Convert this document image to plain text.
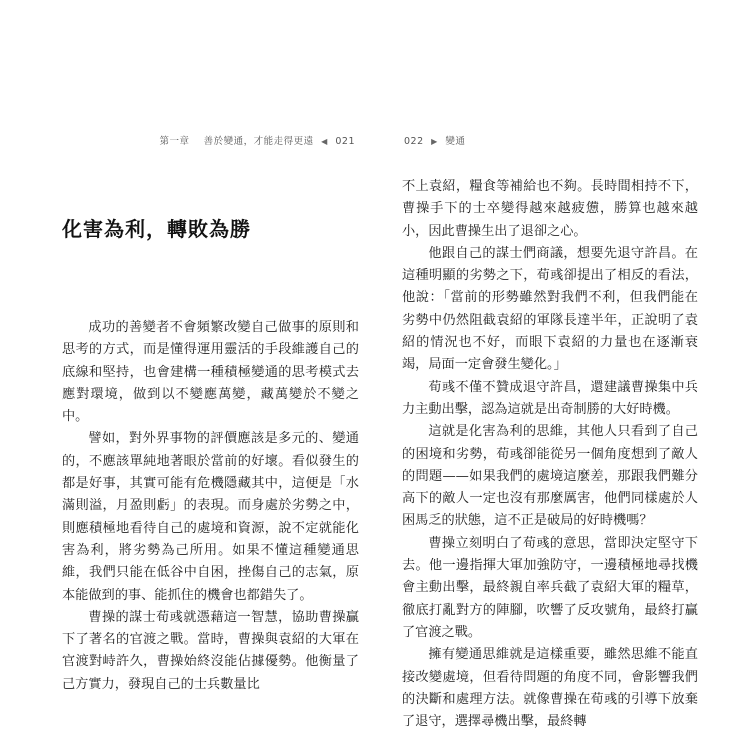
第一章 善於變通，才能走得更遠 ◀ 021
化害為利，轉敗為勝

成功的善變者不會頻繁改變自己做事的原則和思考的方式，而是懂得運用靈活的手段維護自己的底線和堅持，也會建構一種積極變通的思考模式去應對環境，做到以不變應萬變，藏萬變於不變之中。

譬如，對外界事物的評價應該是多元的、變通的，不應該單純地著眼於當前的好壞。看似發生的都是好事，其實可能有危機隱藏其中，這便是「水滿則溢，月盈則虧」的表現。而身處於劣勢之中，則應積極地看待自己的處境和資源，說不定就能化害為利，將劣勢為己所用。如果不懂這種變通思維，我們只能在低谷中自困，挫傷自己的志氣，原本能做到的事、能抓住的機會也都錯失了。

曹操的謀士荀彧就憑藉這一智慧，協助曹操贏下了著名的官渡之戰。當時，曹操與袁紹的大軍在官渡對峙許久，曹操始終沒能佔據優勢。他衡量了己方實力，發現自己的士兵數量比

022 ▶ 變通

不上袁紹，糧食等補給也不夠。長時間相持不下，曹操手下的士卒變得越來越疲憊，勝算也越來越小，因此曹操生出了退卻之心。

他跟自己的謀士們商議，想要先退守許昌。在這種明顯的劣勢之下，荀彧卻提出了相反的看法，他說：「當前的形勢雖然對我們不利，但我們能在劣勢中仍然阻截袁紹的軍隊長達半年，正說明了袁紹的情況也不好，而眼下袁紹的力量也在逐漸衰竭，局面一定會發生變化。」

荀彧不僅不贊成退守許昌，還建議曹操集中兵力主動出擊，認為這就是出奇制勝的大好時機。

這就是化害為利的思維，其他人只看到了自己的困境和劣勢，荀彧卻能從另一個角度想到了敵人的問題——如果我們的處境這麼差，那跟我們難分高下的敵人一定也沒有那麼厲害，他們同樣處於人困馬乏的狀態，這不正是破局的好時機嗎？

曹操立刻明白了荀彧的意思，當即決定堅守下去。他一邊指揮大軍加強防守，一邊積極地尋找機會主動出擊，最終親自率兵截了袁紹大軍的糧草，徹底打亂對方的陣腳，吹響了反攻號角，最終打贏了官渡之戰。

擁有變通思維就是這樣重要，雖然思維不能直接改變處境，但看待問題的角度不同，會影響我們的決斷和處理方法。就像曹操在荀彧的引導下放棄了退守，選擇尋機出擊，最終轉
